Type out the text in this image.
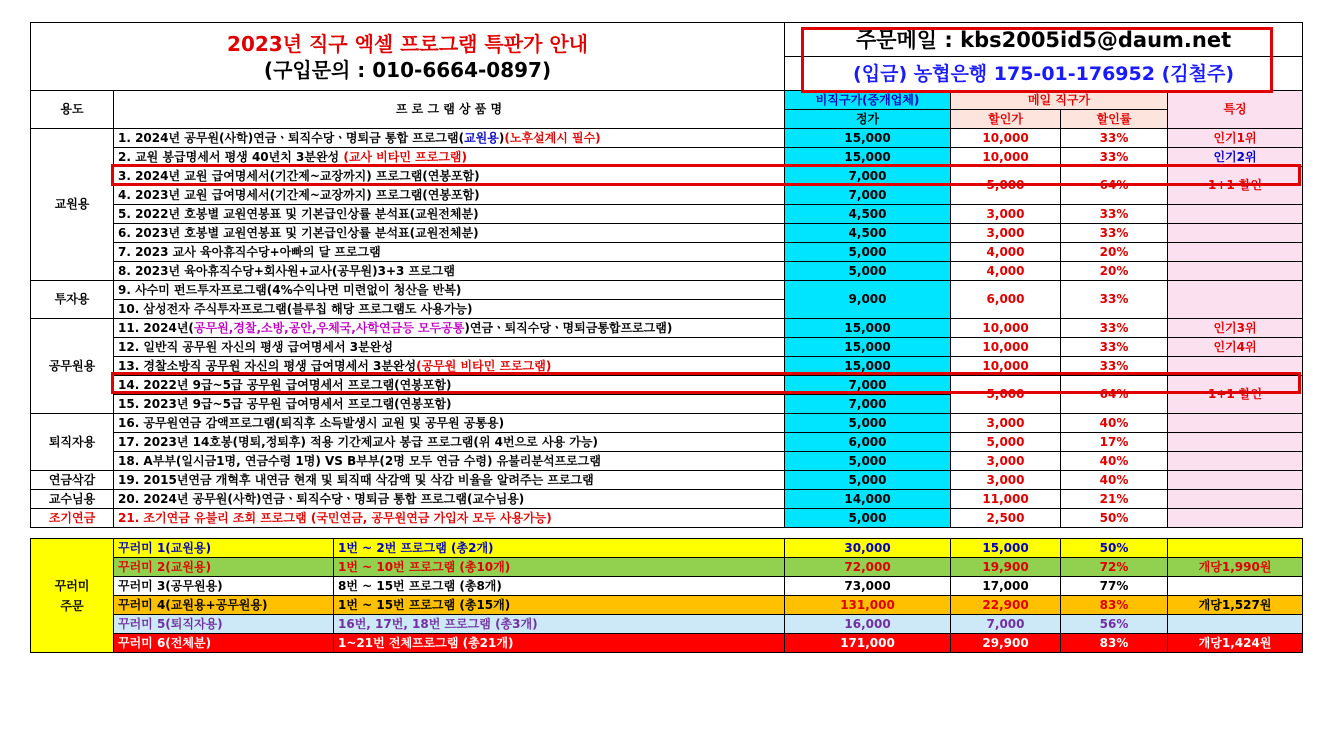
2023년 직구 엑셀 프로그램 특판가 안내
(구입문의 : 010-6664-0897)			주문메일 : kbs2005id5@daum.net			
			(입금) 농협은행 175-01-176952 (김철주)			
용도	프 로 그 램 상 품 명		비직구가(중개업체)	메일 직구가		특징
			정가	할인가	할인률	
교원용	1. 2024년 공무원(사학)연금ㆍ퇴직수당ㆍ명퇴금 통합 프로그램(교원용)(노후설계시 필수)		15,000	10,000	33%	인기1위
	2. 교원 봉급명세서 평생 40년치 3분완성 (교사 비타민 프로그램)		15,000	10,000	33%	인기2위
	3. 2024년 교원 급여명세서(기간제~교장까지) 프로그램(연봉포함)		7,000	5,000	64%	1+1 할인
	4. 2023년 교원 급여명세서(기간제~교장까지) 프로그램(연봉포함)		7,000			
	5. 2022년 호봉별 교원연봉표 및 기본급인상률 분석표(교원전체분)		4,500	3,000	33%	
	6. 2023년 호봉별 교원연봉표 및 기본급인상률 분석표(교원전체분)		4,500	3,000	33%	
	7. 2023 교사 육아휴직수당+아빠의 달 프로그램		5,000	4,000	20%	
	8. 2023년 육아휴직수당+회사원+교사(공무원)3+3 프로그램		5,000	4,000	20%	
투자용	9. 사수미 펀드투자프로그램(4%수익나면 미련없이 청산을 반복)		9,000	6,000	33%	
	10. 삼성전자 주식투자프로그램(블루칩 해당 프로그램도 사용가능)					
공무원용	11. 2024년(공무원,경찰,소방,공안,우체국,사학연금등 모두공통)연금ㆍ퇴직수당ㆍ명퇴금통합프로그램)		15,000	10,000	33%	인기3위
	12. 일반직 공무원 자신의 평생 급여명세서 3분완성		15,000	10,000	33%	인기4위
	13. 경찰소방직 공무원 자신의 평생 급여명세서 3분완성(공무원 비타민 프로그램)		15,000	10,000	33%	
	14. 2022년 9급~5급 공무원 급여명세서 프로그램(연봉포함)		7,000	5,000	64%	1+1 할인
	15. 2023년 9급~5급 공무원 급여명세서 프로그램(연봉포함)		7,000			
퇴직자용	16. 공무원연금 감액프로그램(퇴직후 소득발생시 교원 및 공무원 공통용)		5,000	3,000	40%	
	17. 2023년 14호봉(명퇴,정퇴후) 적용 기간제교사 봉급 프로그램(위 4번으로 사용 가능)		6,000	5,000	17%	
	18. A부부(일시금1명, 연금수령 1명) VS B부부(2명 모두 연금 수령) 유불리분석프로그램		5,000	3,000	40%	
연금삭감	19. 2015년연금 개혁후 내연금 현재 및 퇴직때 삭감액 및 삭감 비율을 알려주는 프로그램		5,000	3,000	40%	
교수님용	20. 2024년 공무원(사학)연금ㆍ퇴직수당ㆍ명퇴금 통합 프로그램(교수님용)		14,000	11,000	21%	
조기연금	21. 조기연금 유불리 조회 프로그램 (국민연금, 공무원연금 가입자 모두 사용가능)		5,000	2,500	50%	

꾸러미
주문	꾸러미 1(교원용)	1번 ~ 2번 프로그램 (총2개)	30,000	15,000	50%	
	꾸러미 2(교원용)	1번 ~ 10번 프로그램 (총10개)	72,000	19,900	72%	개당1,990원
	꾸러미 3(공무원용)	8번 ~ 15번 프로그램 (총8개)	73,000	17,000	77%	
	꾸러미 4(교원용+공무원용)	1번 ~ 15번 프로그램 (총15개)	131,000	22,900	83%	개당1,527원
	꾸러미 5(퇴직자용)	16번, 17번, 18번 프로그램 (총3개)	16,000	7,000	56%	
	꾸러미 6(전체분)	1~21번 전체프로그램 (총21개)	171,000	29,900	83%	개당1,424원
